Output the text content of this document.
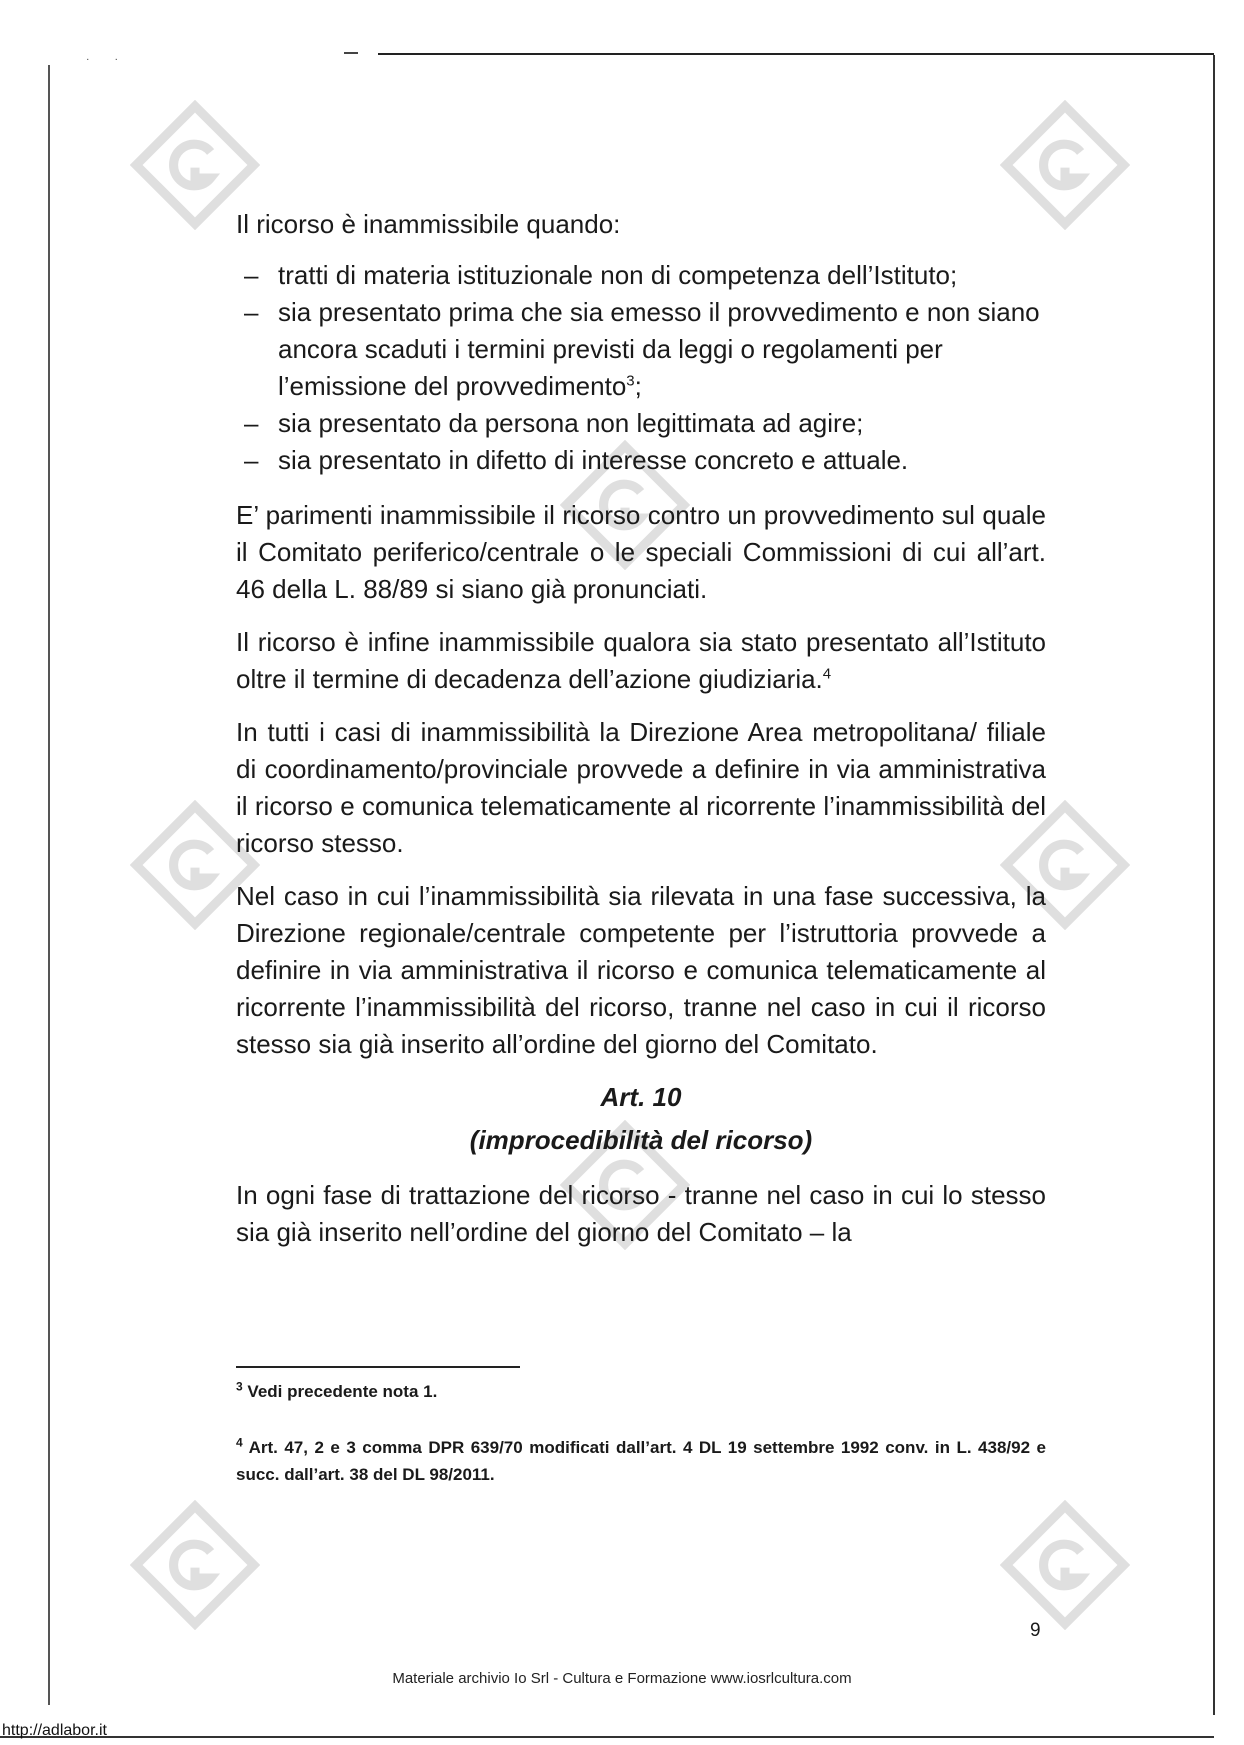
˙˙

Il ricorso è inammissibile quando:

– tratti di materia istituzionale non di competenza dell’Istituto;
– sia presentato prima che sia emesso il provvedimento e non siano ancora scaduti i termini previsti da leggi o regolamenti per l’emissione del provvedimento$^3$;
– sia presentato da persona non legittimata ad agire;
– sia presentato in difetto di interesse concreto e attuale.

E’ parimenti inammissibile il ricorso contro un provvedimento sul quale il Comitato periferico/centrale o le speciali Commissioni di cui all’art. 46 della L. 88/89 si siano già pronunciati.

Il ricorso è infine inammissibile qualora sia stato presentato all’Istituto oltre il termine di decadenza dell’azione giudiziaria.$^4$

In tutti i casi di inammissibilità la Direzione Area metropolitana/ filiale di coordinamento/provinciale provvede a definire in via amministrativa il ricorso e comunica telematicamente al ricorrente l’inammissibilità del ricorso stesso.

Nel caso in cui l’inammissibilità sia rilevata in una fase successiva, la Direzione regionale/centrale competente per l’istruttoria provvede a definire in via amministrativa il ricorso e comunica telematicamente al ricorrente l’inammissibilità del ricorso, tranne nel caso in cui il ricorso stesso sia già inserito all’ordine del giorno del Comitato.

Art. 10

(improcedibilità del ricorso)

In ogni fase di trattazione del ricorso - tranne nel caso in cui lo stesso sia già inserito nell’ordine del giorno del Comitato – la

$^3$ Vedi precedente nota 1.
$^4$ Art. 47, 2 e 3 comma DPR 639/70 modificati dall’art. 4 DL 19 settembre 1992 conv. in L. 438/92 e succ. dall’art. 38 del DL 98/2011.
9
Materiale archivio Io Srl - Cultura e Formazione www.iosrlcultura.com
http://adlabor.it
